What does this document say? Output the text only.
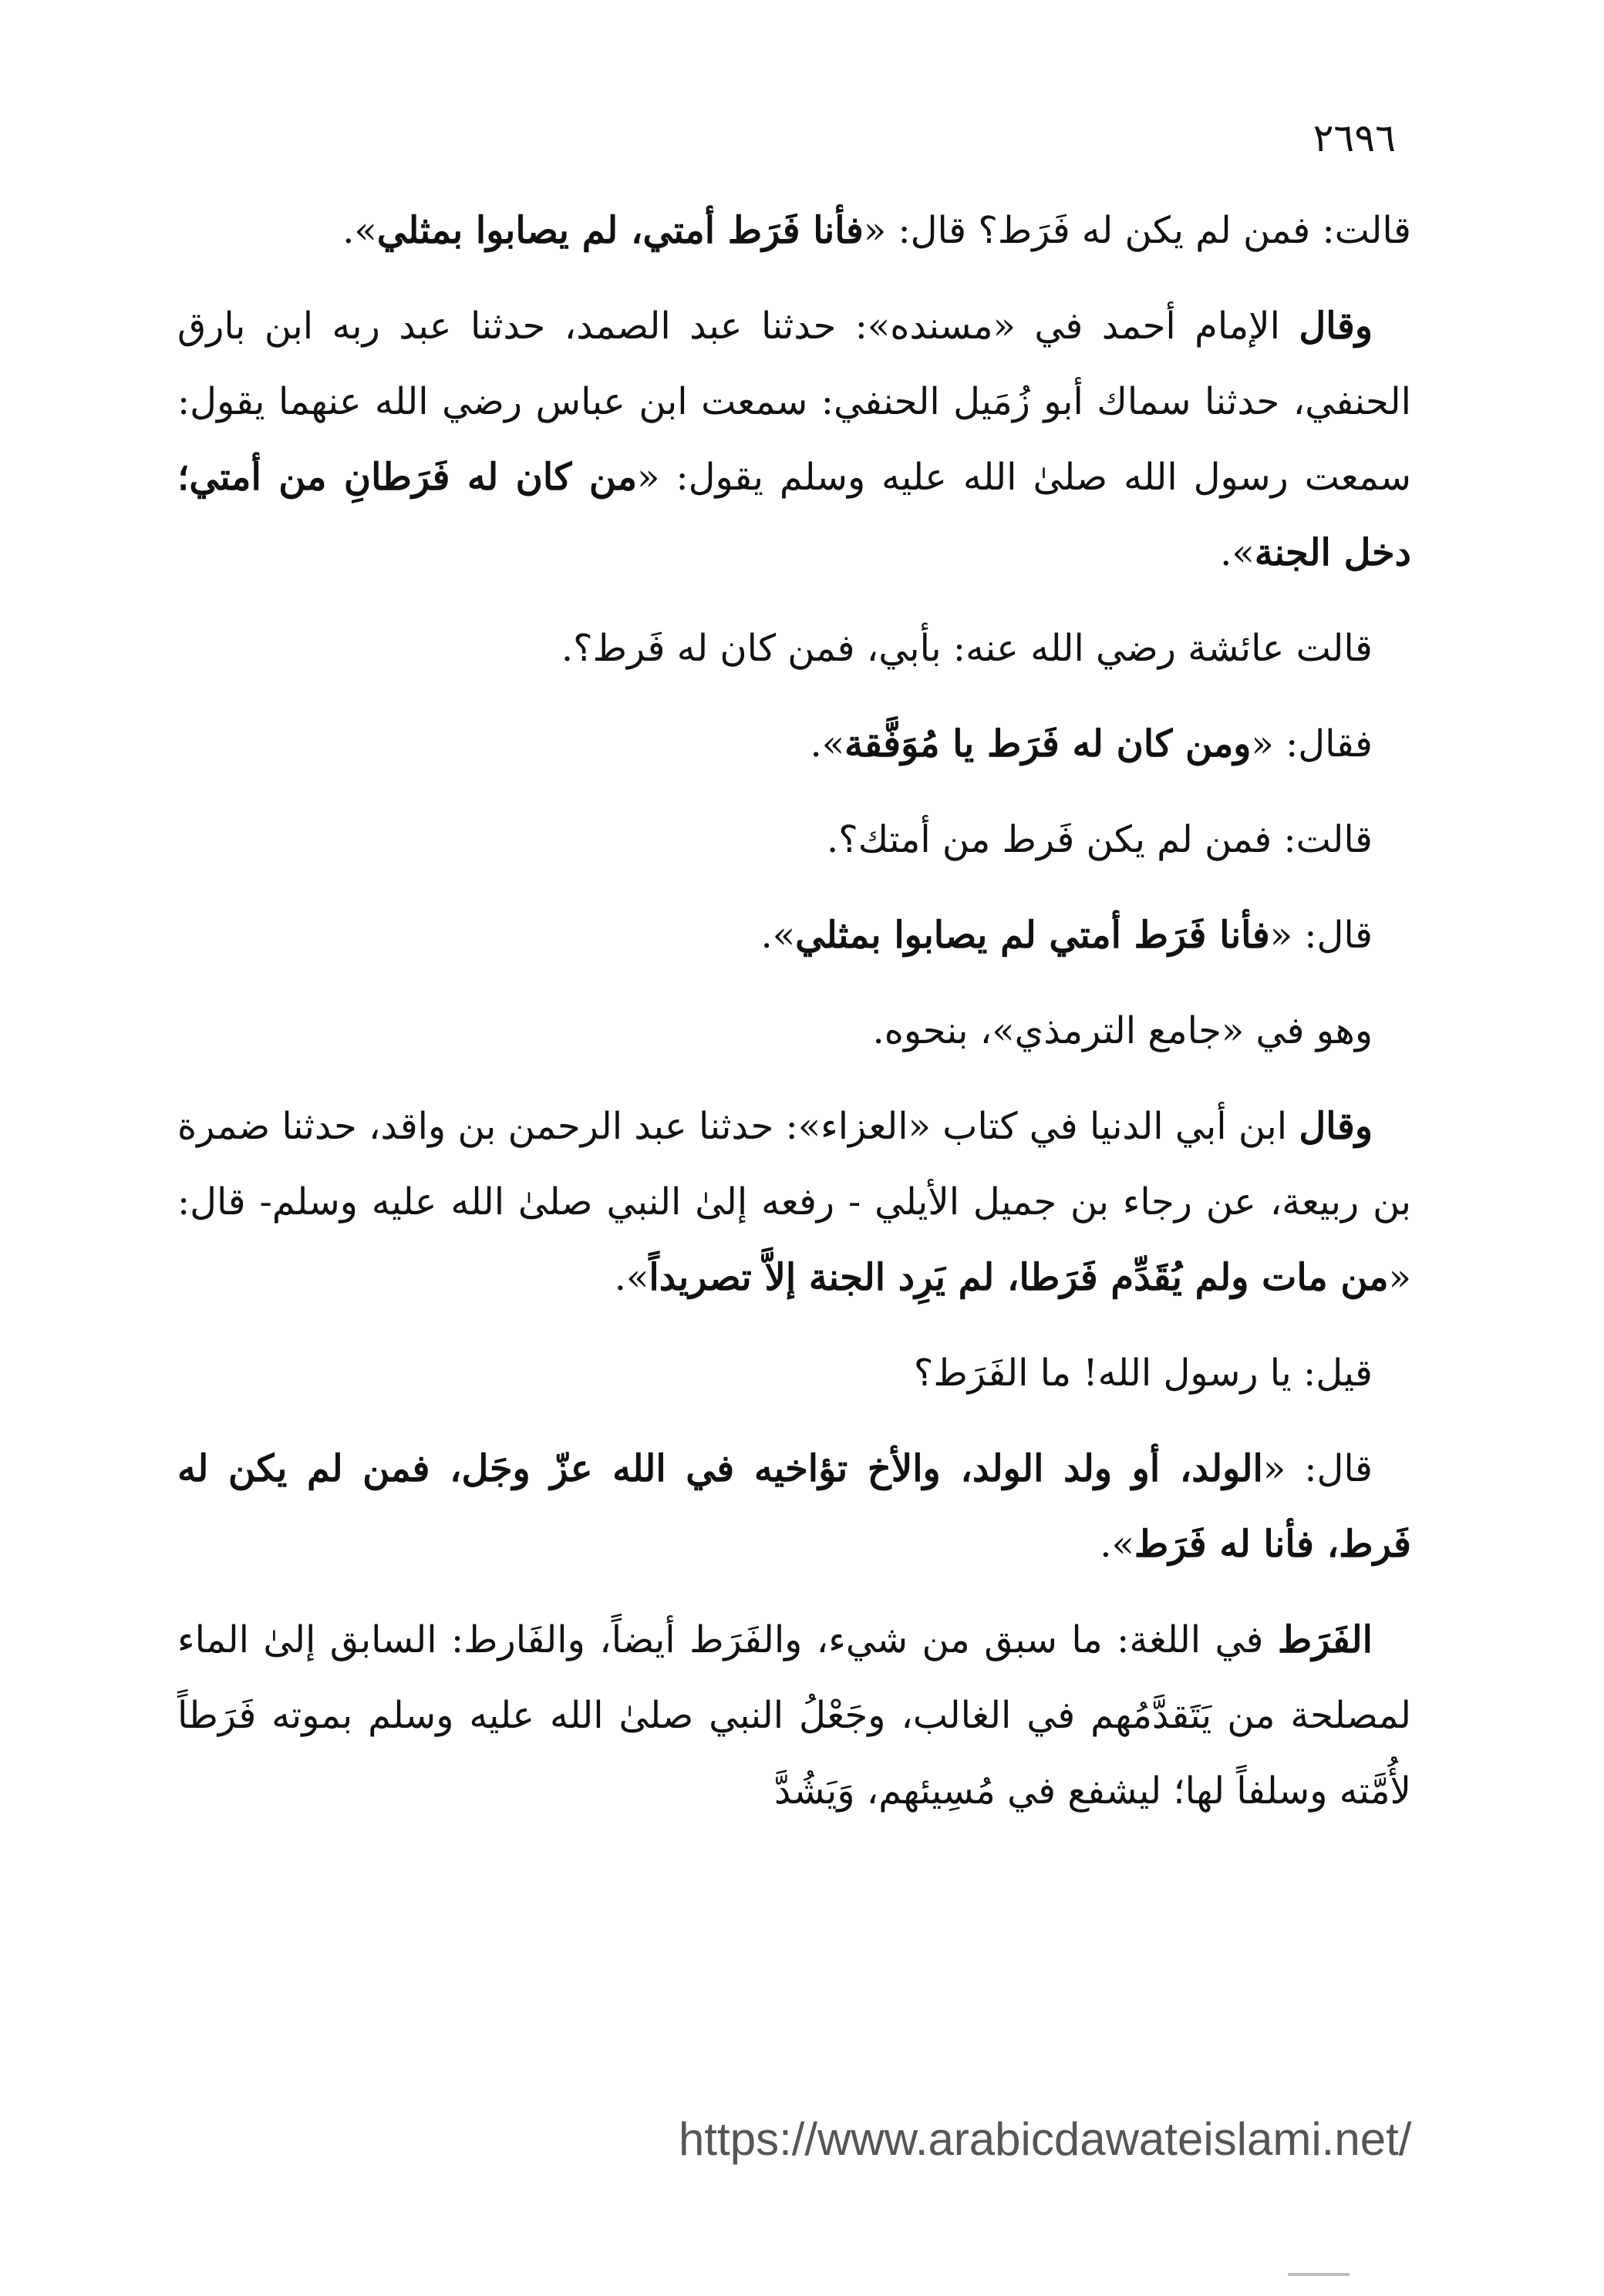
٢٦٩٦

قالت: فمن لم يكن له فَرَط؟ قال: «فأنا فَرَط أمتي، لم يصابوا بمثلي».

وقال الإمام أحمد في «مسنده»: حدثنا عبد الصمد، حدثنا عبد ربه ابن بارق الحنفي، حدثنا سماك أبو زُمَيل الحنفي: سمعت ابن عباس رضي الله عنهما يقول: سمعت رسول الله صلىٰ الله عليه وسلم يقول: «من كان له فَرَطانِ من أمتي؛ دخل الجنة».

قالت عائشة رضي الله عنه: بأبي، فمن كان له فَرط؟.

فقال: «ومن كان له فَرَط يا مُوَفَّقة».

قالت: فمن لم يكن فَرط من أمتك؟.

قال: «فأنا فَرَط أمتي لم يصابوا بمثلي».

وهو في «جامع الترمذي»، بنحوه.

وقال ابن أبي الدنيا في كتاب «العزاء»: حدثنا عبد الرحمن بن واقد، حدثنا ضمرة بن ربيعة، عن رجاء بن جميل الأيلي - رفعه إلىٰ النبي صلىٰ الله عليه وسلم- قال: «من مات ولم يُقَدِّم فَرَطا، لم يَرِد الجنة إلاَّ تصريداً».

قيل: يا رسول الله! ما الفَرَط؟

قال: «الولد، أو ولد الولد، والأخ تؤاخيه في الله عزّ وجَل، فمن لم يكن له فَرط، فأنا له فَرَط».

الفَرَط في اللغة: ما سبق من شيء، والفَرَط أيضاً، والفَارط: السابق إلىٰ الماء لمصلحة من يَتَقدَّمُهم في الغالب، وجَعْلُ النبي صلىٰ الله عليه وسلم بموته فَرَطاً لأُمَّته وسلفاً لها؛ ليشفع في مُسِيئهم، وَيَشُدَّ

https://www.arabicdawateislami.net/
